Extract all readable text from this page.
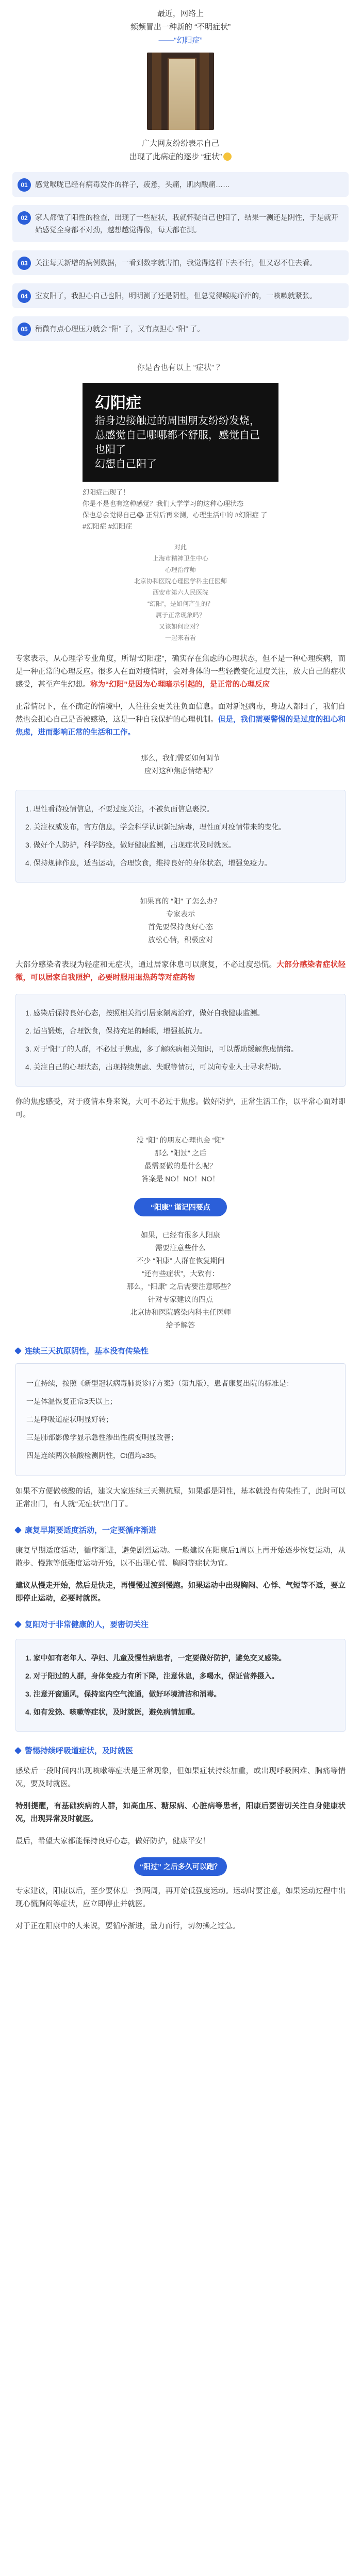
最近，网络上
频频冒出一种新的 “不明症状”
——“幻阳症”
广大网友纷纷表示自己
出现了此病症的逐步 “症状”
01	感觉喉咙已经有病毒发作的样子，疲惫，头痛，肌肉酸痛……
02	家人都做了阳性的检查，出现了一些症状，我就怀疑自己也阳了，结果一测还是阴性，于是就开始感觉全身都不对劲，越想越觉得像，每天都在测。
03	关注每天新增的病例数据，一看到数字就害怕，我觉得这样下去不行，但又忍不住去看。
04	室友阳了，我担心自己也阳，明明测了还是阴性，但总觉得喉咙痒痒的，一咳嗽就紧张。
05	稍微有点心理压力就会 “阳” 了，又有点担心 “阳” 了。
你是否也有以上 “症状” ？
幻阳症
指身边接触过的周围朋友纷纷发烧，
总感觉自己哪哪都不舒服，感觉自己
也阳了
幻想自己阳了
幻阳症出现了！
你是不是也有这种感觉？我们大学学习的这种心理状态
保也总会觉得自己😂 正常后再来测，心理生活中的 #幻阳症 了
#幻阳症 #幻阳症
对此
上海市精神卫生中心
心理治疗师
北京协和医院心理医学科主任医师
西安市第六人民医院
“幻阳”，是如何产生的？
属于正常现象吗？
又该如何应对？
一起来看看

专家表示，从心理学专业角度，所谓“幻阳症”，确实存在焦虑的心理状态，但不是一种心理疾病，而是一种正常的心理反应。很多人在面对疫情时，会对身体的一些轻微变化过度关注，放大自己的症状感受，甚至产生幻想。称为“幻阳”是因为心理暗示引起的，是正常的心理反应

正常情况下，在不确定的情境中，人往往会更关注负面信息。面对新冠病毒，身边人都阳了，我们自然也会担心自己是否被感染，这是一种自我保护的心理机制。但是，我们需要警惕的是过度的担心和焦虑，进而影响正常的生活和工作。

那么，我们需要如何调节
应对这种焦虑情绪呢？

1. 理性看待疫情信息，不要过度关注，不被负面信息裹挟。

2. 关注权威发布，官方信息，学会科学认识新冠病毒，理性面对疫情带来的变化。

3. 做好个人防护，科学防疫，做好健康监测，出现症状及时就医。

4. 保持规律作息，适当运动，合理饮食，维持良好的身体状态，增强免疫力。

如果真的 “阳” 了怎么办？
专家表示
首先要保持良好心态
放松心情，积极应对

大部分感染者表现为轻症和无症状，通过居家休息可以康复，不必过度恐慌。大部分感染者症状轻微，可以居家自我照护，必要时服用退热药等对症药物

1. 感染后保持良好心态，按照相关指引居家隔离治疗，做好自我健康监测。

2. 适当锻炼，合理饮食，保持充足的睡眠，增强抵抗力。

3. 对于“阳”了的人群，不必过于焦虑，多了解疾病相关知识，可以帮助缓解焦虑情绪。

4. 关注自己的心理状态，出现持续焦虑、失眠等情况，可以向专业人士寻求帮助。

你的焦虑感受，对于疫情本身来说，大可不必过于焦虑。做好防护，正常生活工作，以平常心面对即可。

没 “阳” 的朋友心理也会 “阳”
那么 “阳过” 之后
最需要做的是什么呢？
答案是 NO！NO！NO！
“阳康” 谨记四要点
如果，已经有很多人阳康
需要注意些什么
不少 “阳康” 人群在恢复期间
“还有些症状”，大致有：
那么，“阳康” 之后需要注意哪些？
针对专家建议的四点
北京协和医院感染内科主任医师
给予解答
连续三天抗原阴性，基本没有传染性

一直持续，按照《新型冠状病毒肺炎诊疗方案》（第九版），患者康复出院的标准是：

一是体温恢复正常3天以上；

二是呼吸道症状明显好转；

三是肺部影像学显示急性渗出性病变明显改善；

四是连续两次核酸检测阴性，Ct值均≥35。

如果不方便做核酸的话，建议大家连续三天测抗原，如果都是阴性，基本就没有传染性了，此时可以正常出门，有人就“无症状”出门了。

康复早期要适度活动，一定要循序渐进

康复早期适度活动，循序渐进，避免剧烈运动。一般建议在阳康后1周以上再开始逐步恢复运动，从散步、慢跑等低强度运动开始，以不出现心慌、胸闷等症状为宜。

建议从慢走开始，然后是快走，再慢慢过渡到慢跑。如果运动中出现胸闷、心悸、气短等不适，要立即停止运动，必要时就医。

复阳对于非常健康的人，要密切关注

1. 家中如有老年人、孕妇、儿童及慢性病患者，一定要做好防护，避免交叉感染。

2. 对于阳过的人群，身体免疫力有所下降，注意休息，多喝水，保证营养摄入。

3. 注意开窗通风，保持室内空气流通，做好环境清洁和消毒。

4. 如有发热、咳嗽等症状，及时就医，避免病情加重。

警惕持续呼吸道症状，及时就医

感染后一段时间内出现咳嗽等症状是正常现象，但如果症状持续加重，或出现呼吸困难、胸痛等情况，要及时就医。

特别提醒，有基础疾病的人群，如高血压、糖尿病、心脏病等患者，阳康后要密切关注自身健康状况，出现异常及时就医。

最后，希望大家都能保持良好心态，做好防护，健康平安！

“阳过” 之后多久可以跑？

专家建议，阳康以后，至少要休息一到两周，再开始低强度运动。运动时要注意，如果运动过程中出现心慌胸闷等症状，应立即停止并就医。

对于正在阳康中的人来说，要循序渐进，量力而行，切勿操之过急。
